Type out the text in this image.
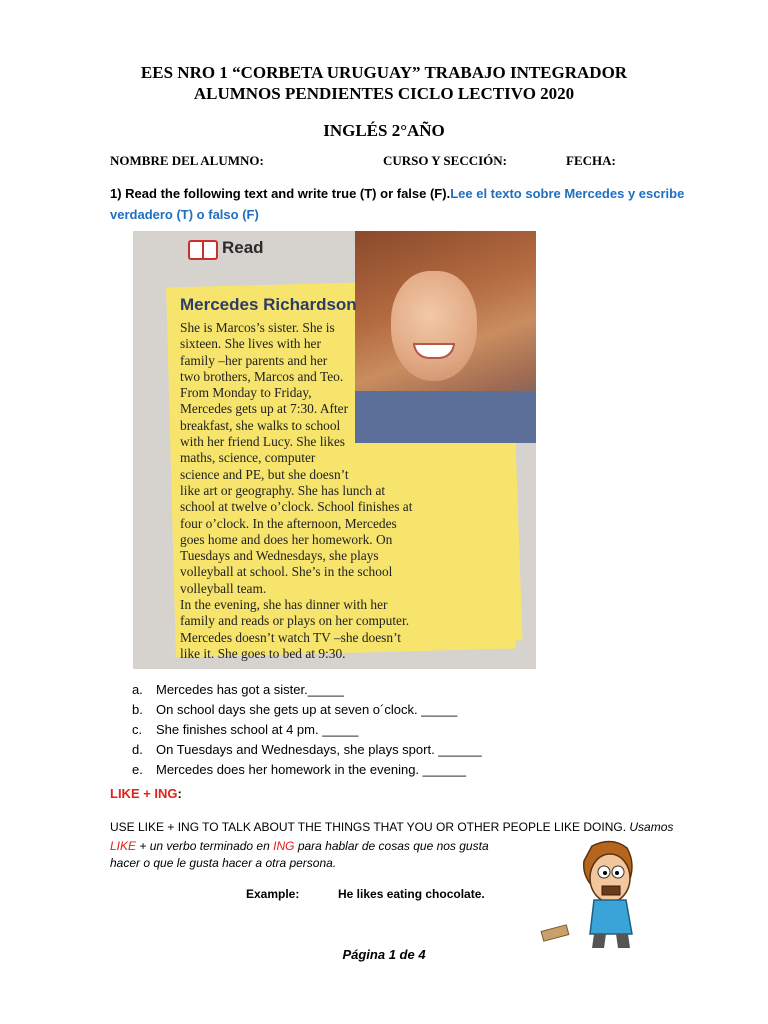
EES NRO 1 “CORBETA URUGUAY” TRABAJO INTEGRADOR
ALUMNOS PENDIENTES CICLO LECTIVO 2020
INGLÉS 2°AÑO
NOMBRE DEL ALUMNO:	CURSO Y SECCIÓN:	FECHA:
1) Read the following text and write true (T) or false (F).Lee el texto sobre Mercedes y escribe verdadero (T) o falso (F)
Read
Mercedes Richardson
She is Marcos’s sister. She is
sixteen. She lives with her
family –her parents and her
two brothers, Marcos and Teo.
From Monday to Friday,
Mercedes gets up at 7:30. After
breakfast, she walks to school
with her friend Lucy. She likes
maths, science, computer
science and PE, but she doesn’t
like art or geography. She has lunch at
school at twelve o’clock. School finishes at
four o’clock. In the afternoon, Mercedes
goes home and does her homework. On
Tuesdays and Wednesdays, she plays
volleyball at school. She’s in the school
volleyball team.
In the evening, she has dinner with her
family and reads or plays on her computer.
Mercedes doesn’t watch TV –she doesn’t
like it. She goes to bed at 9:30.
a.	Mercedes has got a sister._____
b.	On school days she gets up at seven o´clock. _____
c.	She finishes school at 4 pm. _____
d.	On Tuesdays and Wednesdays, she plays sport. ______
e.	Mercedes does her homework in the evening. ______
LIKE + ING:
USE LIKE + ING TO TALK ABOUT THE THINGS THAT YOU OR OTHER PEOPLE LIKE DOING. Usamos
LIKE + un verbo terminado en ING para hablar de cosas que nos gusta
hacer o que le gusta hacer a otra persona.
Example:	He likes eating chocolate.
Página 1 de 4
